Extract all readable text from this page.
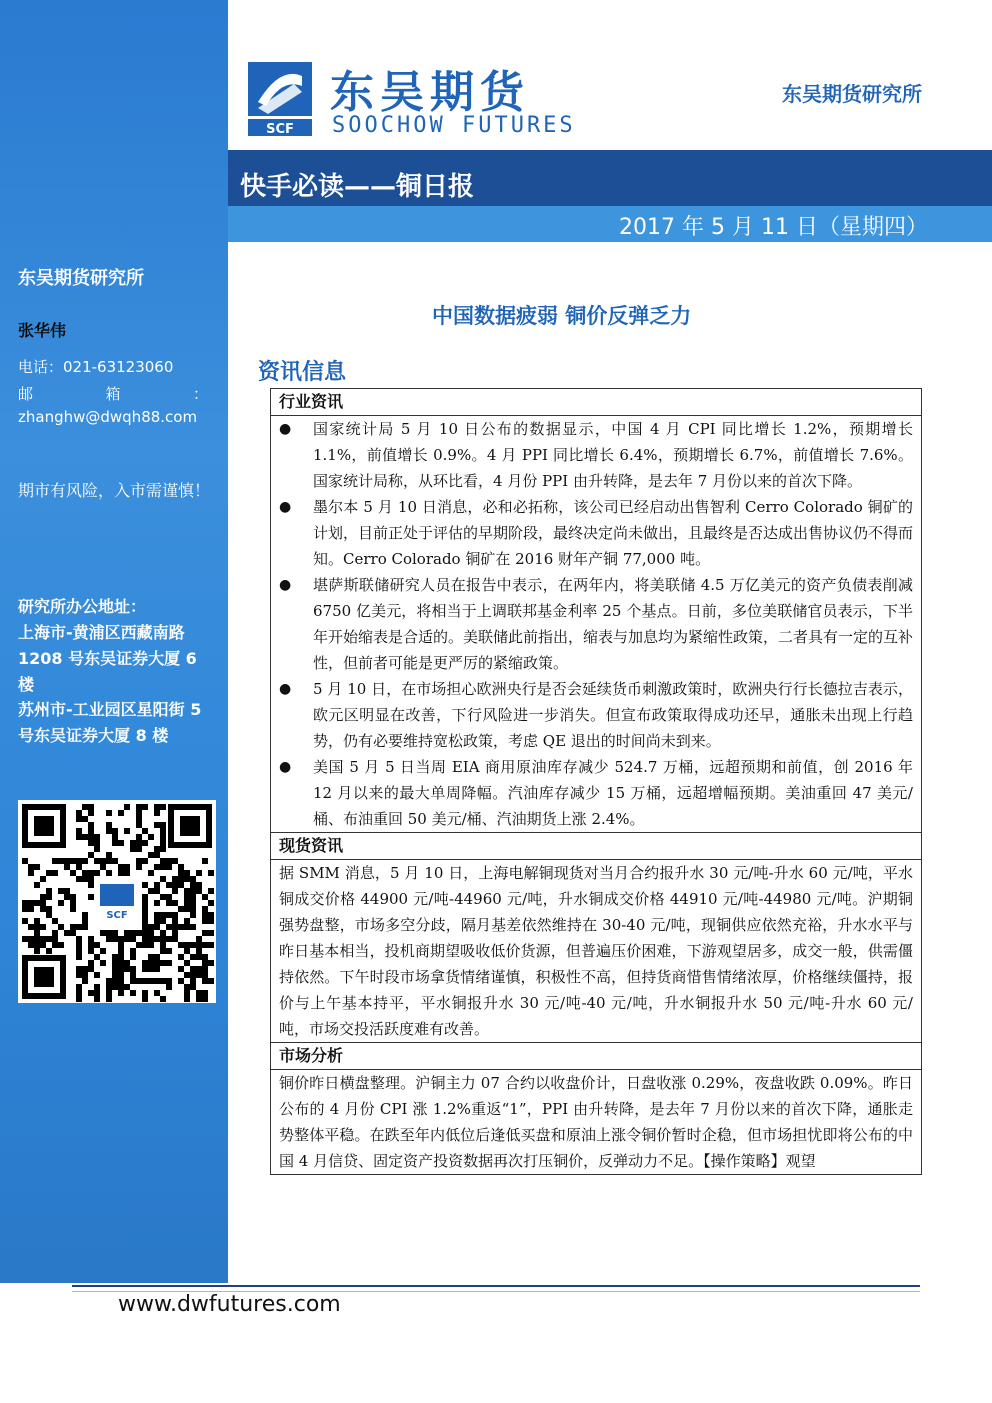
东吴期货研究所
张华伟
电话：021-63123060
邮	箱	：
zhanghw@dwqh88.com
期市有风险，入市需谨慎！
研究所办公地址：
上海市-黄浦区西藏南路 1208 号东吴证券大厦 6 楼
苏州市-工业园区星阳街 5 号东吴证券大厦 8 楼
SCF
SCF
东吴期货
SOOCHOW FUTURES
东吴期货研究所
快手必读——铜日报
2017 年 5 月 11 日（星期四）
中国数据疲弱 铜价反弹乏力
资讯信息
行业资讯
●	国家统计局 5 月 10 日公布的数据显示，中国 4 月 CPI 同比增长 1.2%，预期增长 1.1%，前值增长 0.9%。4 月 PPI 同比增长 6.4%，预期增长 6.7%，前值增长 7.6%。国家统计局称，从环比看，4 月份 PPI 由升转降，是去年 7 月份以来的首次下降。
●	墨尔本 5 月 10 日消息，必和必拓称，该公司已经启动出售智利 Cerro Colorado 铜矿的计划，目前正处于评估的早期阶段，最终决定尚未做出，且最终是否达成出售协议仍不得而知。Cerro Colorado 铜矿在 2016 财年产铜 77,000 吨。
●	堪萨斯联储研究人员在报告中表示，在两年内，将美联储 4.5 万亿美元的资产负债表削减 6750 亿美元，将相当于上调联邦基金利率 25 个基点。日前，多位美联储官员表示，下半年开始缩表是合适的。美联储此前指出，缩表与加息均为紧缩性政策，二者具有一定的互补性，但前者可能是更严厉的紧缩政策。
●	5 月 10 日，在市场担心欧洲央行是否会延续货币刺激政策时，欧洲央行行长德拉吉表示，欧元区明显在改善，下行风险进一步消失。但宣布政策取得成功还早，通胀未出现上行趋势，仍有必要维持宽松政策，考虑 QE 退出的时间尚未到来。
●	美国 5 月 5 日当周 EIA 商用原油库存减少 524.7 万桶，远超预期和前值，创 2016 年 12 月以来的最大单周降幅。汽油库存减少 15 万桶，远超增幅预期。美油重回 47 美元/桶、布油重回 50 美元/桶、汽油期货上涨 2.4%。
现货资讯
据 SMM 消息，5 月 10 日，上海电解铜现货对当月合约报升水 30 元/吨-升水 60 元/吨，平水铜成交价格 44900 元/吨-44960 元/吨，升水铜成交价格 44910 元/吨-44980 元/吨。沪期铜强势盘整，市场多空分歧，隔月基差依然维持在 30-40 元/吨，现铜供应依然充裕，升水水平与昨日基本相当，投机商期望吸收低价货源，但普遍压价困难，下游观望居多，成交一般，供需僵持依然。下午时段市场拿货情绪谨慎，积极性不高，但持货商惜售情绪浓厚，价格继续僵持，报价与上午基本持平，平水铜报升水 30 元/吨-40 元/吨，升水铜报升水 50 元/吨-升水 60 元/吨，市场交投活跃度难有改善。
市场分析
铜价昨日横盘整理。沪铜主力 07 合约以收盘价计，日盘收涨 0.29%，夜盘收跌 0.09%。昨日公布的 4 月份 CPI 涨 1.2%重返“1”，PPI 由升转降，是去年 7 月份以来的首次下降，通胀走势整体平稳。在跌至年内低位后逢低买盘和原油上涨令铜价暂时企稳，但市场担忧即将公布的中国 4 月信贷、固定资产投资数据再次打压铜价，反弹动力不足。【操作策略】观望
www.dwfutures.com
